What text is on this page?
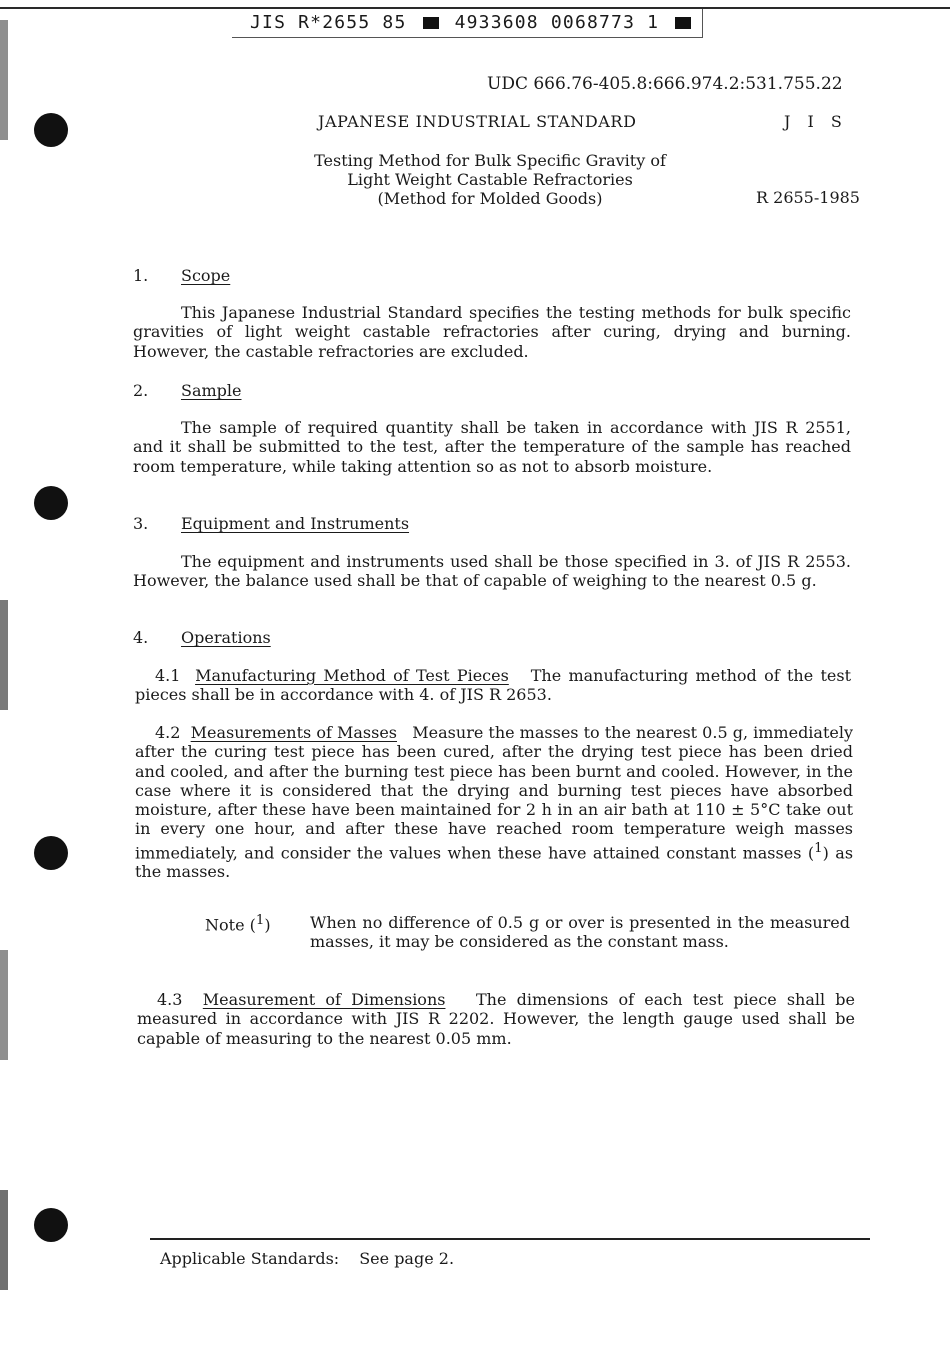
JIS R*2655 85	4933608 0068773 1
UDC 666.76-405.8:666.974.2:531.755.22
JAPANESE INDUSTRIAL STANDARD	J I S
Testing Method for Bulk Specific Gravity of
Light Weight Castable Refractories
(Method for Molded Goods)	R 2655-1985
1. Scope
This Japanese Industrial Standard specifies the testing methods for bulk specific gravities of light weight castable refractories after curing, drying and burning. However, the castable refractories are excluded.
2. Sample
The sample of required quantity shall be taken in accordance with JIS R 2551, and it shall be submitted to the test, after the temperature of the sample has reached room temperature, while taking attention so as not to absorb moisture.
3. Equipment and Instruments
The equipment and instruments used shall be those specified in 3. of JIS R 2553. However, the balance used shall be that of capable of weighing to the nearest 0.5 g.
4. Operations
4.1 Manufacturing Method of Test Pieces The manufacturing method of the test pieces shall be in accordance with 4. of JIS R 2653.
4.2 Measurements of Masses Measure the masses to the nearest 0.5 g, immediately after the curing test piece has been cured, after the drying test piece has been dried and cooled, and after the burning test piece has been burnt and cooled. However, in the case where it is considered that the drying and burning test pieces have absorbed moisture, after these have been maintained for 2 h in an air bath at 110 ± 5°C take out in every one hour, and after these have reached room temperature weigh masses immediately, and consider the values when these have attained constant masses ($^1$) as the masses.
Note ($^1$) When no difference of 0.5 g or over is presented in the measured masses, it may be considered as the constant mass.
4.3 Measurement of Dimensions The dimensions of each test piece shall be measured in accordance with JIS R 2202. However, the length gauge used shall be capable of measuring to the nearest 0.05 mm.
Applicable Standards: See page 2.
